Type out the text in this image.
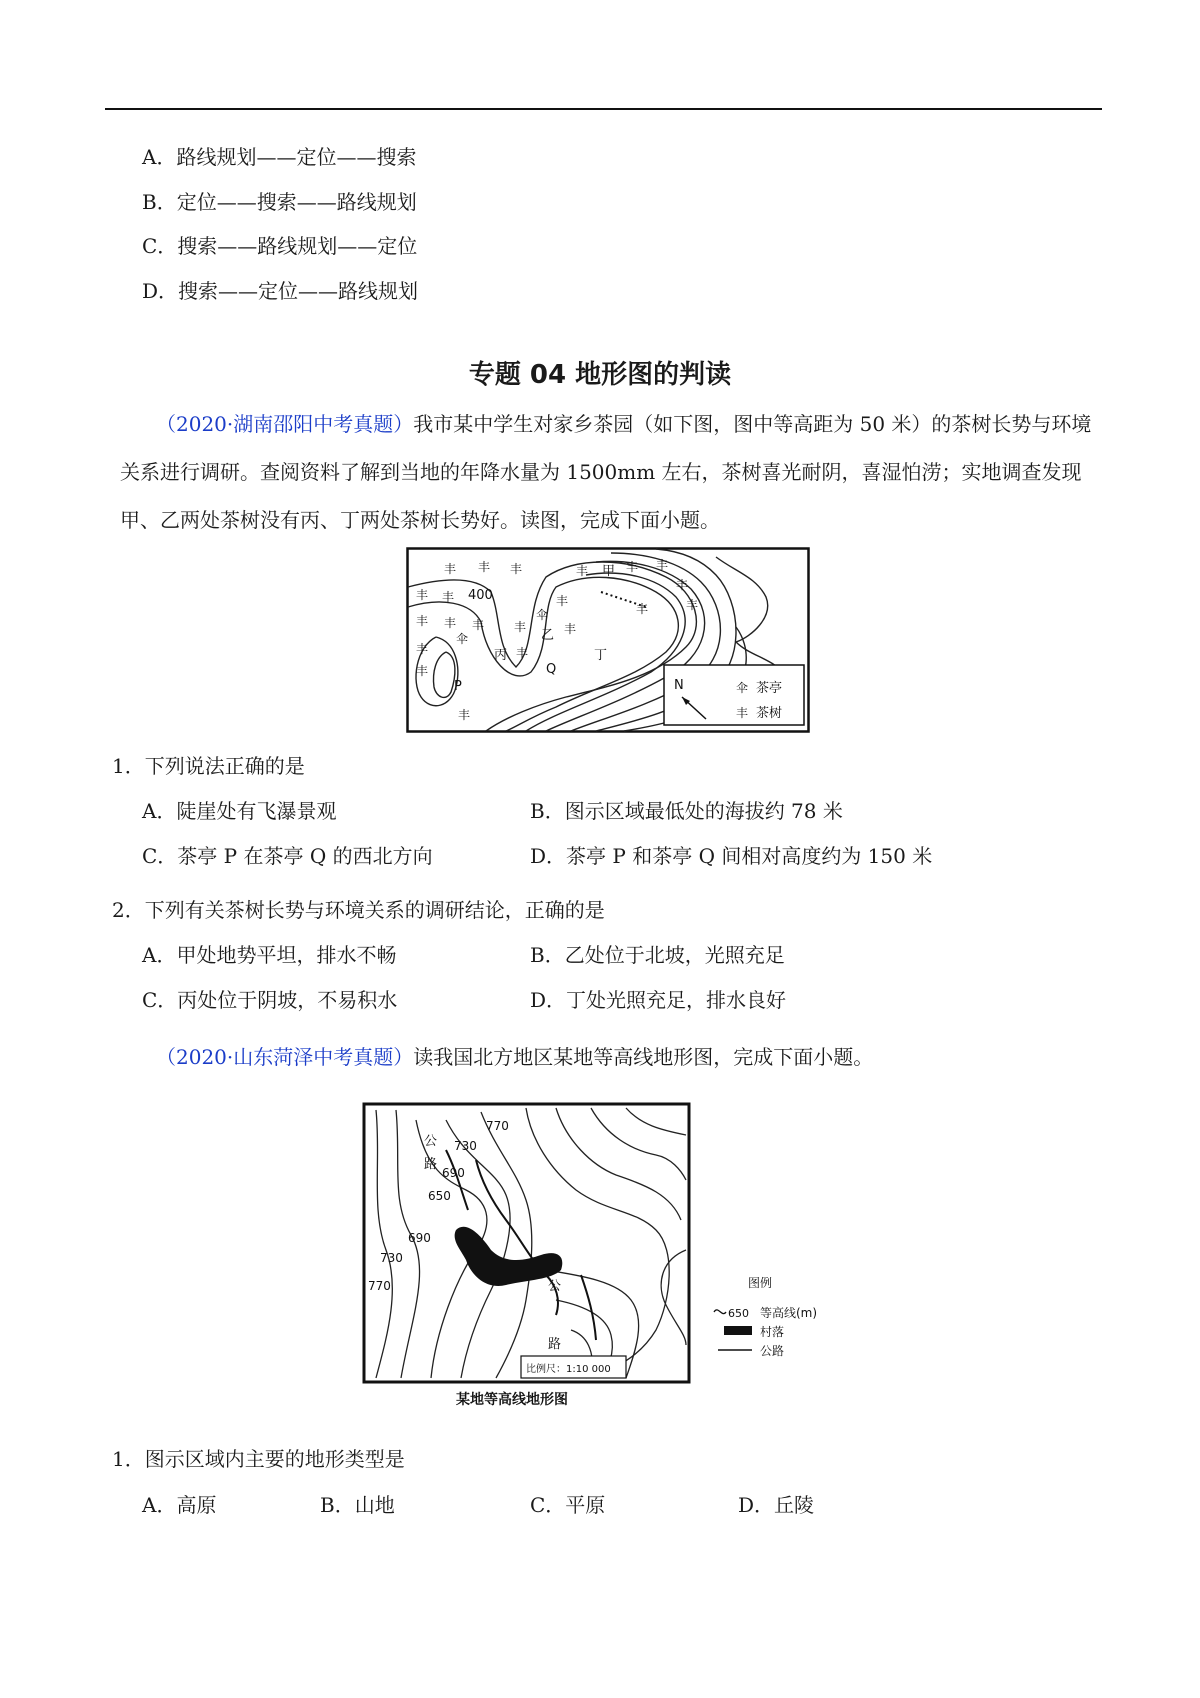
A．路线规划——定位——搜索
B．定位——搜索——路线规划
C．搜索——路线规划——定位
D．搜索——定位——路线规划
专题 04 地形图的判读
（2020·湖南邵阳中考真题）我市某中学生对家乡茶园（如下图，图中等高距为 50 米）的茶树长势与环境关系进行调研。查阅资料了解到当地的年降水量为 1500mm 左右，茶树喜光耐阴，喜湿怕涝；实地调查发现甲、乙两处茶树没有丙、丁两处茶树长势好。读图，完成下面小题。
400
甲
乙
丙	丁
P
Q
丰 丰 丰	丰	丰 丰
丰 丰
丰 丰 丰
丰
丰
丰
丰
丰	丰
丰
丰	丰
丰
伞
伞
N	伞 茶亭
丰 茶树
1．下列说法正确的是
A．陡崖处有飞瀑景观	B．图示区域最低处的海拔约 78 米
C．茶亭 P 在茶亭 Q 的西北方向	D．茶亭 P 和茶亭 Q 间相对高度约为 150 米
2．下列有关茶树长势与环境关系的调研结论，正确的是
A．甲处地势平坦，排水不畅	B．乙处位于北坡，光照充足
C．丙处位于阴坡，不易积水	D．丁处光照充足，排水良好
（2020·山东菏泽中考真题）读我国北方地区某地等高线地形图，完成下面小题。
770
730
690
650
690
730
770
公
路
公
路
比例尺：1:10 000
某地等高线地形图
图例
650 等高线(m)
村落
公路
1．图示区域内主要的地形类型是
A．高原	B．山地	C．平原	D．丘陵
